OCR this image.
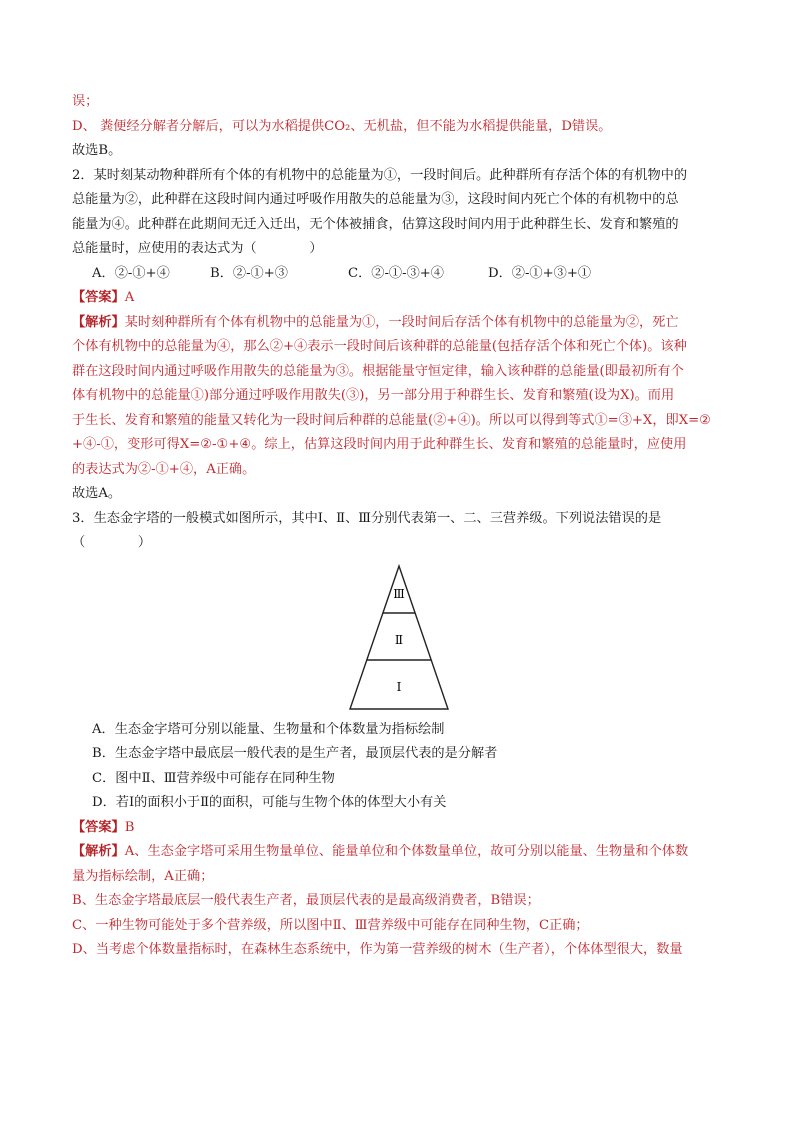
误；
D、 粪便经分解者分解后，可以为水稻提供CO₂、无机盐，但不能为水稻提供能量，D错误。
故选B。
2．某时刻某动物种群所有个体的有机物中的总能量为①，一段时间后。此种群所有存活个体的有机物中的
总能量为②，此种群在这段时间内通过呼吸作用散失的总能量为③，这段时间内死亡个体的有机物中的总
能量为④。此种群在此期间无迁入迁出，无个体被捕食，估算这段时间内用于此种群生长、发育和繁殖的
总能量时，应使用的表达式为（　　　　）
A．②-①+④	B．②-①+③	C．②-①-③+④	D．②-①+③+①
【答案】A
【解析】某时刻种群所有个体有机物中的总能量为①，一段时间后存活个体有机物中的总能量为②，死亡
个体有机物中的总能量为④，那么②+④表示一段时间后该种群的总能量(包括存活个体和死亡个体)。该种
群在这段时间内通过呼吸作用散失的总能量为③。根据能量守恒定律，输入该种群的总能量(即最初所有个
体有机物中的总能量①)部分通过呼吸作用散失(③)，另一部分用于种群生长、发育和繁殖(设为X)。而用
于生长、发育和繁殖的能量又转化为一段时间后种群的总能量(②+④)。所以可以得到等式①=③+X，即X=②
+④-①，变形可得X=②-①+④。综上，估算这段时间内用于此种群生长、发育和繁殖的总能量时，应使用
的表达式为②-①+④，A正确。
故选A。
3．生态金字塔的一般模式如图所示，其中Ⅰ、Ⅱ、Ⅲ分别代表第一、二、三营养级。下列说法错误的是
（　　　　）
Ⅲ
Ⅱ
Ⅰ
A．生态金字塔可分别以能量、生物量和个体数量为指标绘制
B．生态金字塔中最底层一般代表的是生产者，最顶层代表的是分解者
C．图中Ⅱ、Ⅲ营养级中可能存在同种生物
D．若Ⅰ的面积小于Ⅱ的面积，可能与生物个体的体型大小有关
【答案】B
【解析】A、生态金字塔可采用生物量单位、能量单位和个体数量单位，故可分别以能量、生物量和个体数
量为指标绘制，A正确；
B、生态金字塔最底层一般代表生产者，最顶层代表的是最高级消费者，B错误；
C、一种生物可能处于多个营养级，所以图中Ⅱ、Ⅲ营养级中可能存在同种生物，C正确；
D、当考虑个体数量指标时，在森林生态系统中，作为第一营养级的树木（生产者），个体体型很大，数量
